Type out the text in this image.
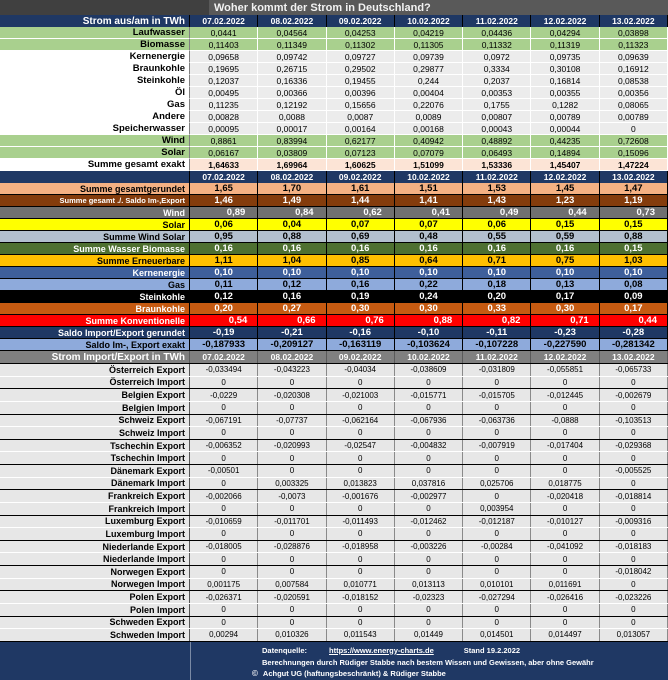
Woher kommt der Strom in Deutschland?
Strom aus/am in TWh	07.02.2022	08.02.2022	09.02.2022	10.02.2022	11.02.2022	12.02.2022	13.02.2022
Laufwasser	0,0441	0,04564	0,04253	0,04219	0,04436	0,04294	0,03898
Biomasse	0,11403	0,11349	0,11302	0,11305	0,11332	0,11319	0,11323
Kernenergie	0,09658	0,09742	0,09727	0,09739	0,0972	0,09735	0,09639
Braunkohle	0,19695	0,26715	0,29502	0,29877	0,3334	0,30108	0,16912
Steinkohle	0,12037	0,16336	0,19455	0,244	0,2037	0,16814	0,08538
Öl	0,00495	0,00366	0,00396	0,00404	0,00353	0,00355	0,00356
Gas	0,11235	0,12192	0,15656	0,22076	0,1755	0,1282	0,08065
Andere	0,00828	0,0088	0,0087	0,0089	0,00807	0,00789	0,00789
Speicherwasser	0,00095	0,00017	0,00164	0,00168	0,00043	0,00044	0
Wind	0,8861	0,83994	0,62177	0,40942	0,48892	0,44235	0,72608
Solar	0,06167	0,03809	0,07123	0,07079	0,06493	0,14894	0,15096
Summe gesamt exakt	1,64633	1,69964	1,60625	1,51099	1,53336	1,45407	1,47224
07.02.2022	08.02.2022	09.02.2022	10.02.2022	11.02.2022	12.02.2022	13.02.2022
Summe gesamtgerundet	1,65	1,70	1,61	1,51	1,53	1,45	1,47
Summe gesamt ./. Saldo Im-,Export	1,46	1,49	1,44	1,41	1,43	1,23	1,19
Wind	0,89	0,84	0,62	0,41	0,49	0,44	0,73
Solar	0,06	0,04	0,07	0,07	0,06	0,15	0,15
Summe Wind Solar	0,95	0,88	0,69	0,48	0,55	0,59	0,88
Summe Wasser Biomasse	0,16	0,16	0,16	0,16	0,16	0,16	0,15
Summe Erneuerbare	1,11	1,04	0,85	0,64	0,71	0,75	1,03
Kernenergie	0,10	0,10	0,10	0,10	0,10	0,10	0,10
Gas	0,11	0,12	0,16	0,22	0,18	0,13	0,08
Steinkohle	0,12	0,16	0,19	0,24	0,20	0,17	0,09
Braunkohle	0,20	0,27	0,30	0,30	0,33	0,30	0,17
Summe Konventionelle	0,54	0,66	0,76	0,88	0,82	0,71	0,44
Saldo Import/Export gerundet	-0,19	-0,21	-0,16	-0,10	-0,11	-0,23	-0,28
Saldo Im-, Export exakt	-0,187933	-0,209127	-0,163119	-0,103624	-0,107228	-0,227590	-0,281342
Strom Import/Export in TWh	07.02.2022	08.02.2022	09.02.2022	10.02.2022	11.02.2022	12.02.2022	13.02.2022
Österreich Export	-0,033494	-0,043223	-0,04034	-0,038609	-0,031809	-0,055851	-0,065733
Österreich Import	0	0	0	0	0	0	0
Belgien Export	-0,0229	-0,020308	-0,021003	-0,015771	-0,015705	-0,012445	-0,002679
Belgien Import	0	0	0	0	0	0	0
Schweiz Export	-0,067191	-0,07737	-0,062164	-0,067936	-0,063736	-0,0888	-0,103513
Schweiz Import	0	0	0	0	0	0	0
Tschechin Export	-0,006352	-0,020993	-0,02547	-0,004832	-0,007919	-0,017404	-0,029368
Tschechin Import	0	0	0	0	0	0	0
Dänemark Export	-0,00501	0	0	0	0	0	-0,005525
Dänemark Import	0	0,003325	0,013823	0,037816	0,025706	0,018775	0
Frankreich Export	-0,002066	-0,0073	-0,001676	-0,002977	0	-0,020418	-0,018814
Frankreich Import	0	0	0	0	0,003954	0	0
Luxemburg Export	-0,010659	-0,011701	-0,011493	-0,012462	-0,012187	-0,010127	-0,009316
Luxemburg Import	0	0	0	0	0	0	0
Niederlande Export	-0,018005	-0,028876	-0,018958	-0,003226	-0,00284	-0,041092	-0,018183
Niederlande Import	0	0	0	0	0	0	0
Norwegen Export	0	0	0	0	0	0	-0,018042
Norwegen Import	0,001175	0,007584	0,010771	0,013113	0,010101	0,011691	0
Polen Export	-0,026371	-0,020591	-0,018152	-0,02323	-0,027294	-0,026416	-0,023226
Polen Import	0	0	0	0	0	0	0
Schweden Export	0	0	0	0	0	0	0
Schweden Import	0,00294	0,010326	0,011543	0,01449	0,014501	0,014497	0,013057
Datenquelle:	https://www.energy-charts.de	Stand 19.2.2022
Berechnungen durch Rüdiger Stabbe nach bestem Wissen und Gewissen, aber ohne Gewähr
© Achgut UG (haftungsbeschränkt) & Rüdiger Stabbe
